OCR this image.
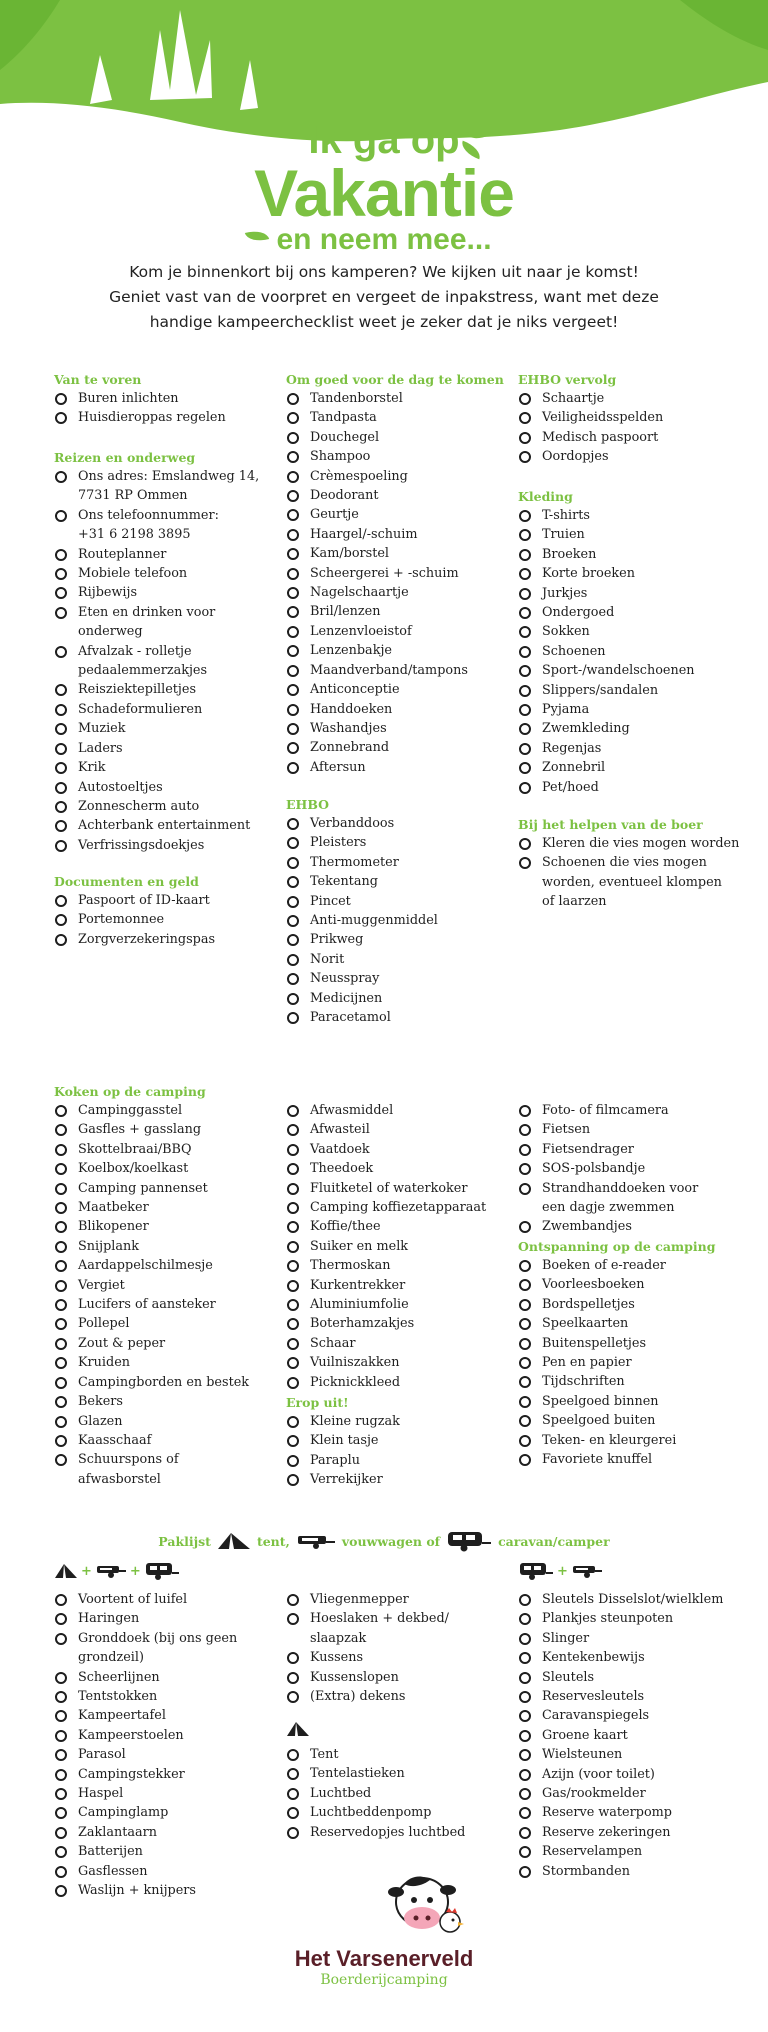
Ik ga op
Vakantie
en neem mee...
Kom je binnenkort bij ons kamperen? We kijken uit naar je komst!
Geniet vast van de voorpret en vergeet de inpakstress, want met deze
handige kampeerchecklist weet je zeker dat je niks vergeet!
Van te voren
Buren inlichten
Huisdieroppas regelen
Reizen en onderweg
Ons adres: Emslandweg 14,
7731 RP Ommen
Ons telefoonnummer:
+31 6 2198 3895
Routeplanner
Mobiele telefoon
Rijbewijs
Eten en drinken voor
onderweg
Afvalzak - rolletje
pedaalemmerzakjes
Reisziektepilletjes
Schadeformulieren
Muziek
Laders
Krik
Autostoeltjes
Zonnescherm auto
Achterbank entertainment
Verfrissingsdoekjes
Documenten en geld
Paspoort of ID-kaart
Portemonnee
Zorgverzekeringspas
Om goed voor de dag te komen
Tandenborstel
Tandpasta
Douchegel
Shampoo
Crèmespoeling
Deodorant
Geurtje
Haargel/-schuim
Kam/borstel
Scheergerei + -schuim
Nagelschaartje
Bril/lenzen
Lenzenvloeistof
Lenzenbakje
Maandverband/tampons
Anticonceptie
Handdoeken
Washandjes
Zonnebrand
Aftersun
EHBO
Verbanddoos
Pleisters
Thermometer
Tekentang
Pincet
Anti-muggenmiddel
Prikweg
Norit
Neusspray
Medicijnen
Paracetamol
EHBO vervolg
Schaartje
Veiligheidsspelden
Medisch paspoort
Oordopjes
Kleding
T-shirts
Truien
Broeken
Korte broeken
Jurkjes
Ondergoed
Sokken
Schoenen
Sport-/wandelschoenen
Slippers/sandalen
Pyjama
Zwemkleding
Regenjas
Zonnebril
Pet/hoed
Bij het helpen van de boer
Kleren die vies mogen worden
Schoenen die vies mogen
worden, eventueel klompen
of laarzen
Koken op de camping
Campinggasstel
Gasfles + gasslang
Skottelbraai/BBQ
Koelbox/koelkast
Camping pannenset
Maatbeker
Blikopener
Snijplank
Aardappelschilmesje
Vergiet
Lucifers of aansteker
Pollepel
Zout & peper
Kruiden
Campingborden en bestek
Bekers
Glazen
Kaasschaaf
Schuurspons of
afwasborstel
Afwasmiddel
Afwasteil
Vaatdoek
Theedoek
Fluitketel of waterkoker
Camping koffiezetapparaat
Koffie/thee
Suiker en melk
Thermoskan
Kurkentrekker
Aluminiumfolie
Boterhamzakjes
Schaar
Vuilniszakken
Picknickkleed
Erop uit!
Kleine rugzak
Klein tasje
Paraplu
Verrekijker
Foto- of filmcamera
Fietsen
Fietsendrager
SOS-polsbandje
Strandhanddoeken voor
een dagje zwemmen
Zwembandjes
Ontspanning op de camping
Boeken of e-reader
Voorleesboeken
Bordspelletjes
Speelkaarten
Buitenspelletjes
Pen en papier
Tijdschriften
Speelgoed binnen
Speelgoed buiten
Teken- en kleurgerei
Favoriete knuffel
Voortent of luifel
Haringen
Gronddoek (bij ons geen
grondzeil)
Scheerlijnen
Tentstokken
Kampeertafel
Kampeerstoelen
Parasol
Campingstekker
Haspel
Campinglamp
Zaklantaarn
Batterijen
Gasflessen
Waslijn + knijpers
Vliegenmepper
Hoeslaken + dekbed/
slaapzak
Kussens
Kussenslopen
(Extra) dekens
Tent
Tentelastieken
Luchtbed
Luchtbeddenpomp
Reservedopjes luchtbed
Sleutels Disselslot/wielklem
Plankjes steunpoten
Slinger
Kentekenbewijs
Sleutels
Reservesleutels
Caravanspiegels
Groene kaart
Wielsteunen
Azijn (voor toilet)
Gas/rookmelder
Reserve waterpomp
Reserve zekeringen
Reservelampen
Stormbanden
Paklijst	tent,	vouwwagen of	caravan/camper
+	+	+
Het Varsenerveld
Boerderijcamping
